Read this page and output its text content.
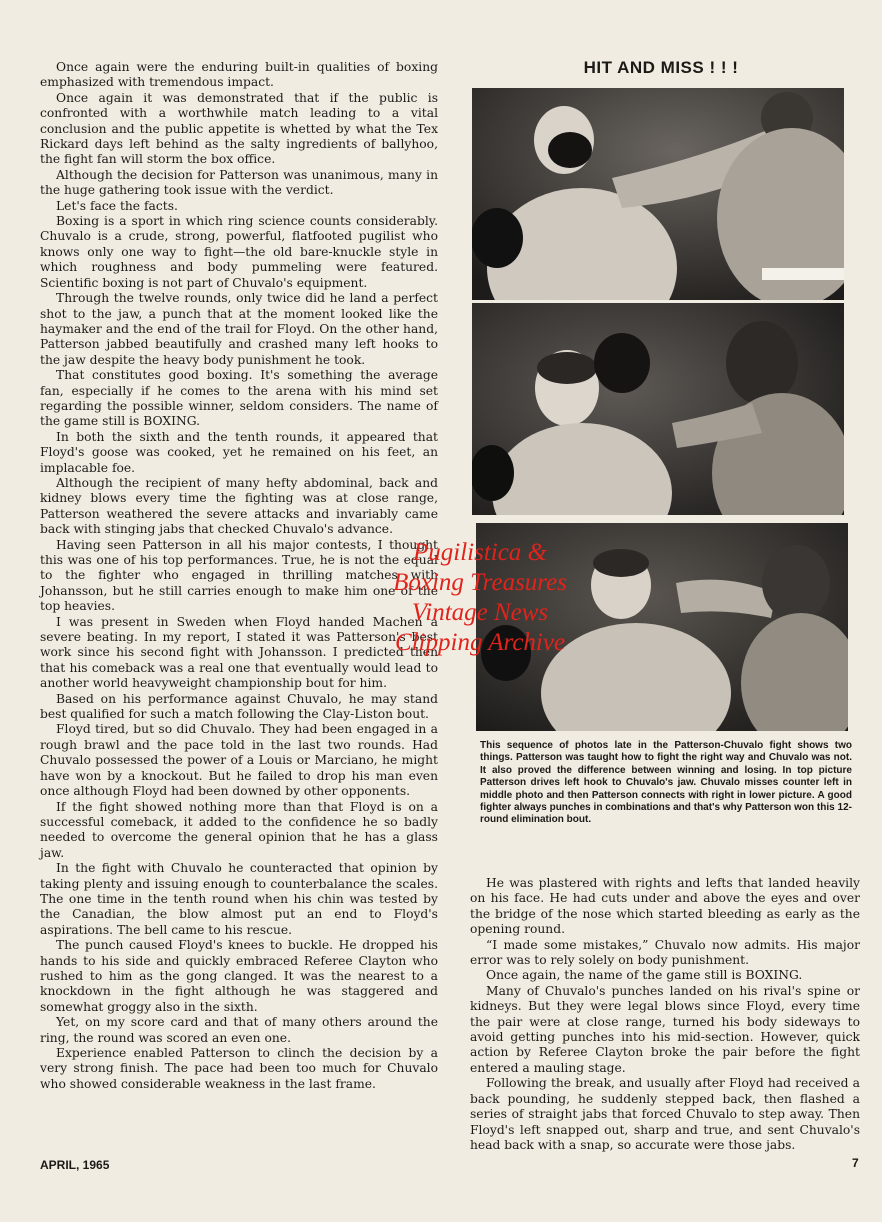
Once again were the enduring built-in qualities of boxing emphasized with tremendous impact.

Once again it was demonstrated that if the public is confronted with a worthwhile match leading to a vital conclusion and the public appetite is whetted by what the Tex Rickard days left behind as the salty ingredients of ballyhoo, the fight fan will storm the box office.

Although the decision for Patterson was unanimous, many in the huge gathering took issue with the verdict.

Let's face the facts.

Boxing is a sport in which ring science counts considerably. Chuvalo is a crude, strong, powerful, flatfooted pugilist who knows only one way to fight—the old bare-knuckle style in which roughness and body pummeling were featured. Scientific boxing is not part of Chuvalo's equipment.

Through the twelve rounds, only twice did he land a perfect shot to the jaw, a punch that at the moment looked like the haymaker and the end of the trail for Floyd. On the other hand, Patterson jabbed beautifully and crashed many left hooks to the jaw despite the heavy body punishment he took.

That constitutes good boxing. It's something the average fan, especially if he comes to the arena with his mind set regarding the possible winner, seldom considers. The name of the game still is BOXING.

In both the sixth and the tenth rounds, it appeared that Floyd's goose was cooked, yet he remained on his feet, an implacable foe.

Although the recipient of many hefty abdominal, back and kidney blows every time the fighting was at close range, Patterson weathered the severe attacks and invariably came back with stinging jabs that checked Chuvalo's advance.

Having seen Patterson in all his major contests, I thought this was one of his top performances. True, he is not the equal to the fighter who engaged in thrilling matches with Johansson, but he still carries enough to make him one of the top heavies.

I was present in Sweden when Floyd handed Machen a severe beating. In my report, I stated it was Patterson's best work since his second fight with Johansson. I predicted then that his comeback was a real one that eventually would lead to another world heavyweight championship bout for him.

Based on his performance against Chuvalo, he may stand best qualified for such a match following the Clay-Liston bout.

Floyd tired, but so did Chuvalo. They had been engaged in a rough brawl and the pace told in the last two rounds. Had Chuvalo possessed the power of a Louis or Marciano, he might have won by a knockout. But he failed to drop his man even once although Floyd had been downed by other opponents.

If the fight showed nothing more than that Floyd is on a successful comeback, it added to the confidence he so badly needed to overcome the general opinion that he has a glass jaw.

In the fight with Chuvalo he counteracted that opinion by taking plenty and issuing enough to counterbalance the scales. The one time in the tenth round when his chin was tested by the Canadian, the blow almost put an end to Floyd's aspirations. The bell came to his rescue.

The punch caused Floyd's knees to buckle. He dropped his hands to his side and quickly embraced Referee Clayton who rushed to him as the gong clanged. It was the nearest to a knockdown in the fight although he was staggered and somewhat groggy also in the sixth.

Yet, on my score card and that of many others around the ring, the round was scored an even one.

Experience enabled Patterson to clinch the decision by a very strong finish. The pace had been too much for Chuvalo who showed considerable weakness in the last frame.

HIT AND MISS ! ! !

This sequence of photos late in the Patterson-Chuvalo fight shows two things. Patterson was taught how to fight the right way and Chuvalo was not. It also proved the difference between winning and losing. In top picture Patterson drives left hook to Chuvalo's jaw. Chuvalo misses counter left in middle photo and then Patterson connects with right in lower picture. A good fighter always punches in combinations and that's why Patterson won this 12-round elimination bout.

He was plastered with rights and lefts that landed heavily on his face. He had cuts under and above the eyes and over the bridge of the nose which started bleeding as early as the opening round.

“I made some mistakes,” Chuvalo now admits. His major error was to rely solely on body punishment.

Once again, the name of the game still is BOXING.

Many of Chuvalo's punches landed on his rival's spine or kidneys. But they were legal blows since Floyd, every time the pair were at close range, turned his body sideways to avoid getting punches into his mid-section. However, quick action by Referee Clayton broke the pair before the fight entered a mauling stage.

Following the break, and usually after Floyd had received a back pounding, he suddenly stepped back, then flashed a series of straight jabs that forced Chuvalo to step away. Then Floyd's left snapped out, sharp and true, and sent Chuvalo's head back with a snap, so accurate were those jabs.

Pugilistica &
Boxing Treasures
Vintage News
Clipping Archive
APRIL, 1965	7
